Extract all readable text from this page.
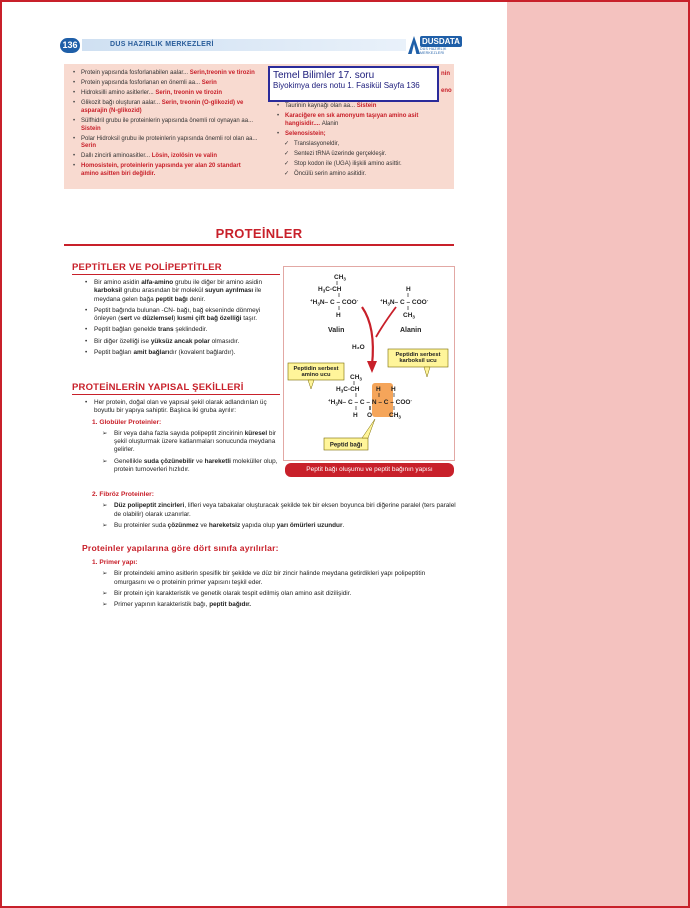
136	DUS HAZIRLIK MERKEZLERİ	DUSDATA
DUS HAZIRLIK MERKEZLERİ
• Protein yapısında fosforlanabilen aalar... Serin,treonin ve tirozin
• Protein yapısında fosforlanan en önemli aa... Serin
• Hidroksilli amino asitlerler... Serin, treonin ve tirozin
• Glikozit bağı oluşturan aalar... Serin, treonin (O-glikozid) ve asparajin (N-glikozid)
• Sülfhidril grubu ile proteinlerin yapısında önemli rol oynayan aa... Sistein
• Polar Hidroksil grubu ile proteinlerin yapısında önemli rol olan aa... Serin
• Dallı zincirli aminoasitler... Lösin, izolösin ve valin
• Homosistein, proteinlerin yapısında yer alan 20 standart amino asitten biri değildir.
• Taurinin kaynağı olan aa... Sistein
• Karaciğere en sık amonyum taşıyan amino asit hangisidir.... Alanin
• Selenosistein;
✓ Translasyoneldir,
✓ Sentezi tRNA üzerinde gerçekleşir.
✓ Stop kodon ile (UGA) ilişkili amino asittir.
✓ Öncülü serin amino asitidir.
nin
eno
Temel Bilimler 17. soru
Biyokimya ders notu 1. Fasikül Sayfa 136
PROTEİNLER
PEPTİTLER VE POLİPEPTİTLER
• Bir amino asidin alfa-amino grubu ile diğer bir amino asidin karboksil grubu arasından bir molekül suyun ayrılması ile meydana gelen bağa peptit bağı denir.
• Peptit bağında bulunan -CN- bağı, bağ ekseninde dönmeyi önleyen (sert ve düzlemsel) kısmi çift bağ özelliği taşır.
• Peptit bağları genelde trans şeklindedir.
• Bir diğer özelliği ise yüksüz ancak polar olmasıdır.
• Peptit bağları amit bağlarıdır (kovalent bağlardır).
PROTEİNLERİN YAPISAL ŞEKİLLERİ
• Her protein, doğal olan ve yapısal şekil olarak adlandırılan üç boyutlu bir yapıya sahiptir. Başlıca iki gruba ayrılır:
1. Globüler Proteinler:
➢ Bir veya daha fazla sayıda polipeptit zincirinin küresel bir şekil oluşturmak üzere katlanmaları sonucunda meydana gelirler.
➢ Genellikle suda çözünebilir ve hareketli moleküller olup, protein turnoverleri hızlıdır.
2. Fibröz Proteinler:
➢ Düz polipeptit zincirleri, lifleri veya tabakalar oluşturacak şekilde tek bir eksen boyunca biri diğerine paralel (ters paralel de olabilir) olarak uzanırlar.
➢ Bu proteinler suda çözünmez ve hareketsiz yapıda olup yarı ömürleri uzundur.
Proteinler yapılarına göre dört sınıfa ayrılırlar:
1. Primer yapı:
➢ Bir proteindeki amino asitlerin spesifik bir şekilde ve düz bir zincir halinde meydana getirdikleri yapı polipeptitin omurgasını ve o proteinin primer yapısını teşkil eder.
➢ Bir protein için karakteristik ve genetik olarak tespit edilmiş olan amino asit dizilişidir.
➢ Primer yapının karakteristik bağı, peptit bağıdır.
$CH_3$
$H_3C-CH$
$^+H_3N-$ C – COO-
H
Valin
H
$^+H_3N-$ C – COO-
$CH_3$
Alanin
H₂O
Peptidin serbest amino ucu
Peptidin serbest karboksil ucu
$CH_3$
$H_3C-CH$	H H
$^+H_3N-$ C – C – N – C – COO-
H O	$CH_3$
Peptid bağı
Peptit bağı oluşumu ve peptit bağının yapısı
